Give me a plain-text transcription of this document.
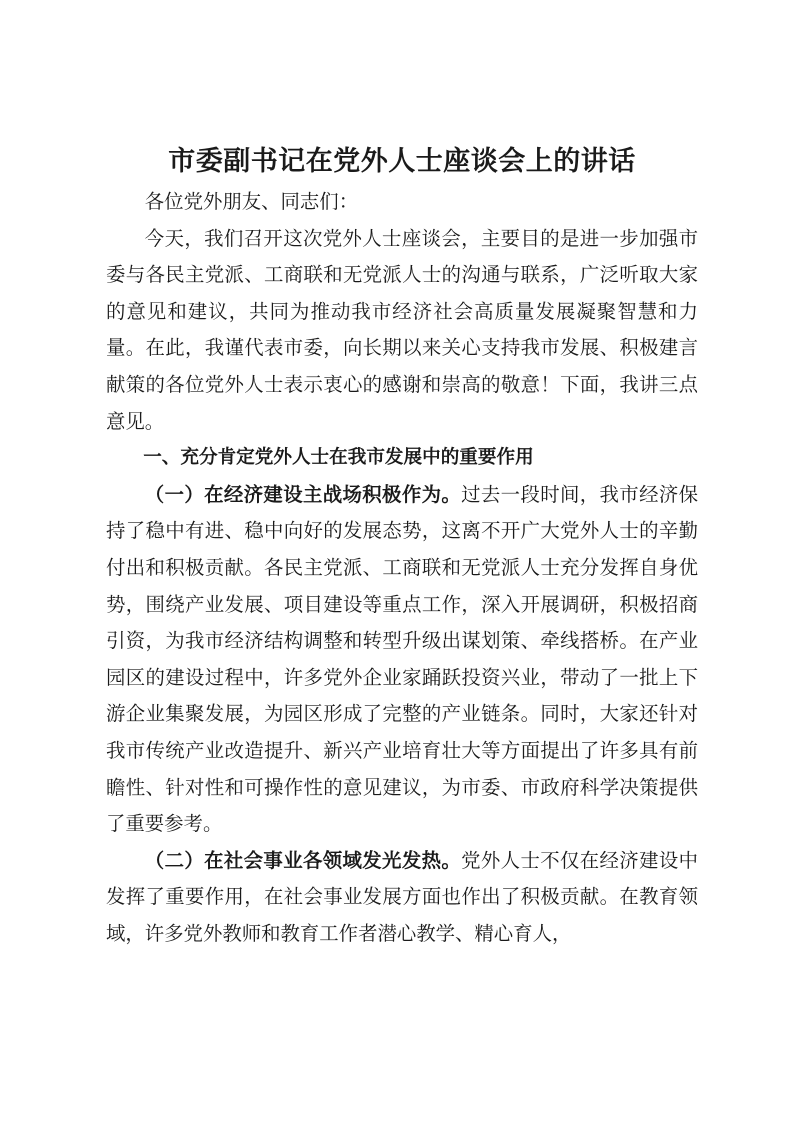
市委副书记在党外人士座谈会上的讲话

各位党外朋友、同志们：

今天，我们召开这次党外人士座谈会，主要目的是进一步加强市委与各民主党派、工商联和无党派人士的沟通与联系，广泛听取大家的意见和建议，共同为推动我市经济社会高质量发展凝聚智慧和力量。在此，我谨代表市委，向长期以来关心支持我市发展、积极建言献策的各位党外人士表示衷心的感谢和崇高的敬意！下面，我讲三点意见。

一、充分肯定党外人士在我市发展中的重要作用

（一）在经济建设主战场积极作为。过去一段时间，我市经济保持了稳中有进、稳中向好的发展态势，这离不开广大党外人士的辛勤付出和积极贡献。各民主党派、工商联和无党派人士充分发挥自身优势，围绕产业发展、项目建设等重点工作，深入开展调研，积极招商引资，为我市经济结构调整和转型升级出谋划策、牵线搭桥。在产业园区的建设过程中，许多党外企业家踊跃投资兴业，带动了一批上下游企业集聚发展，为园区形成了完整的产业链条。同时，大家还针对我市传统产业改造提升、新兴产业培育壮大等方面提出了许多具有前瞻性、针对性和可操作性的意见建议，为市委、市政府科学决策提供了重要参考。

（二）在社会事业各领域发光发热。党外人士不仅在经济建设中发挥了重要作用，在社会事业发展方面也作出了积极贡献。在教育领域，许多党外教师和教育工作者潜心教学、精心育人，
